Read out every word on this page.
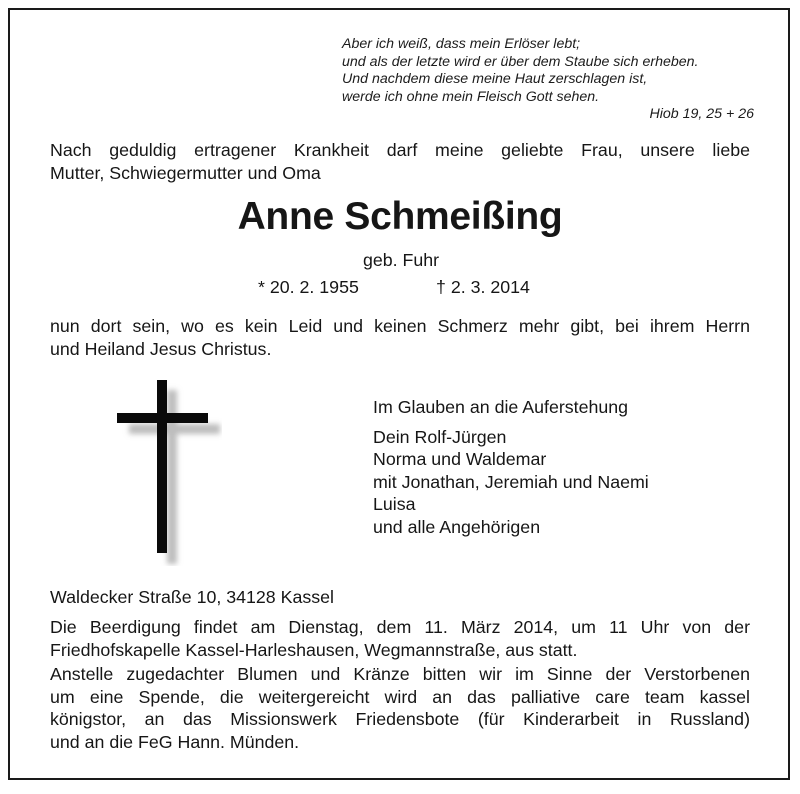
Aber ich weiß, dass mein Erlöser lebt;
und als der letzte wird er über dem Staube sich erheben.
Und nachdem diese meine Haut zerschlagen ist,
werde ich ohne mein Fleisch Gott sehen.
Hiob 19, 25 + 26
Nach geduldig ertragener Krankheit darf meine geliebte Frau, unsere liebe
Mutter, Schwiegermutter und Oma
Anne Schmeißing
geb. Fuhr
* 20. 2. 1955	† 2. 3. 2014
nun dort sein, wo es kein Leid und keinen Schmerz mehr gibt, bei ihrem Herrn
und Heiland Jesus Christus.
Im Glauben an die Auferstehung
Dein Rolf-Jürgen
Norma und Waldemar
mit Jonathan, Jeremiah und Naemi
Luisa
und alle Angehörigen
Waldecker Straße 10, 34128 Kassel
Die Beerdigung findet am Dienstag, dem 11. März 2014, um 11 Uhr von der
Friedhofskapelle Kassel-Harleshausen, Wegmannstraße, aus statt.
Anstelle zugedachter Blumen und Kränze bitten wir im Sinne der Verstorbenen
um eine Spende, die weitergereicht wird an das palliative care team kassel
königstor, an das Missionswerk Friedensbote (für Kinderarbeit in Russland)
und an die FeG Hann. Münden.
